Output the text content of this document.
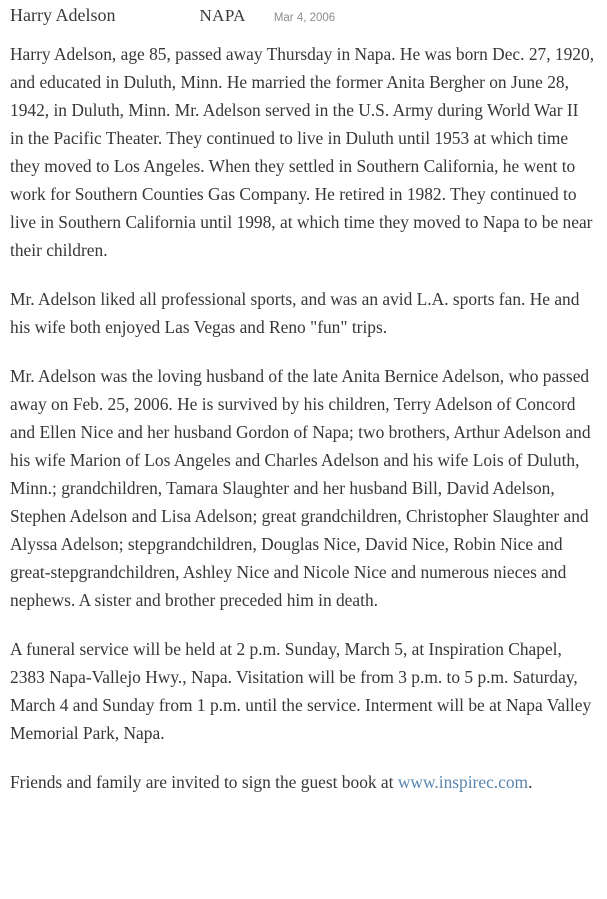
Harry Adelson	NAPA Mar 4, 2006

Harry Adelson, age 85, passed away Thursday in Napa. He was born Dec. 27, 1920, and educated in Duluth, Minn. He married the former Anita Bergher on June 28, 1942, in Duluth, Minn. Mr. Adelson served in the U.S. Army during World War II in the Pacific Theater. They continued to live in Duluth until 1953 at which time they moved to Los Angeles. When they settled in Southern California, he went to work for Southern Counties Gas Company. He retired in 1982. They continued to live in Southern California until 1998, at which time they moved to Napa to be near their children.

Mr. Adelson liked all professional sports, and was an avid L.A. sports fan. He and his wife both enjoyed Las Vegas and Reno "fun" trips.

Mr. Adelson was the loving husband of the late Anita Bernice Adelson, who passed away on Feb. 25, 2006. He is survived by his children, Terry Adelson of Concord and Ellen Nice and her husband Gordon of Napa; two brothers, Arthur Adelson and his wife Marion of Los Angeles and Charles Adelson and his wife Lois of Duluth, Minn.; grandchildren, Tamara Slaughter and her husband Bill, David Adelson, Stephen Adelson and Lisa Adelson; great grandchildren, Christopher Slaughter and Alyssa Adelson; stepgrandchildren, Douglas Nice, David Nice, Robin Nice and great-stepgrandchildren, Ashley Nice and Nicole Nice and numerous nieces and nephews. A sister and brother preceded him in death.

A funeral service will be held at 2 p.m. Sunday, March 5, at Inspiration Chapel, 2383 Napa-Vallejo Hwy., Napa. Visitation will be from 3 p.m. to 5 p.m. Saturday, March 4 and Sunday from 1 p.m. until the service. Interment will be at Napa Valley Memorial Park, Napa.

Friends and family are invited to sign the guest book at www.inspirec.com.
